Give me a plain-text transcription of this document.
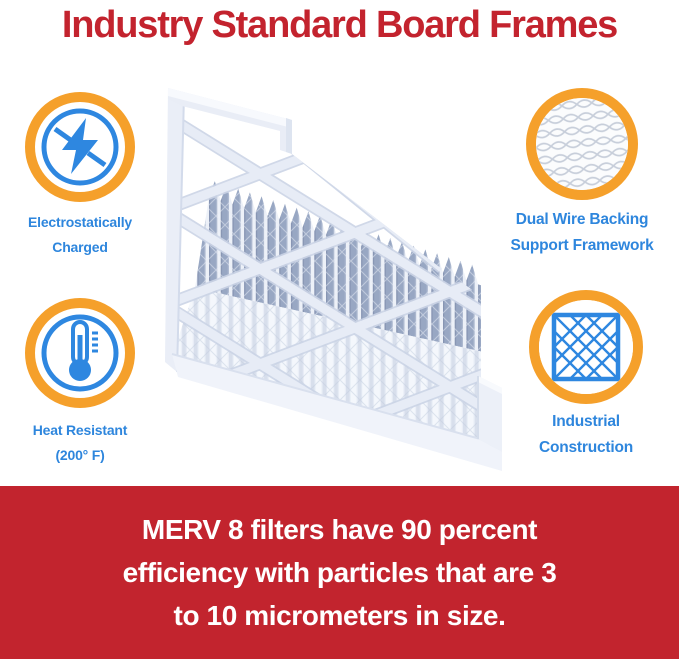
Industry Standard Board Frames
Electrostatically
Charged
Heat Resistant
(200° F)
Dual Wire Backing
Support Framework
Industrial
Construction

MERV 8 filters have 90 percent

efficiency with particles that are 3

to 10 micrometers in size.
